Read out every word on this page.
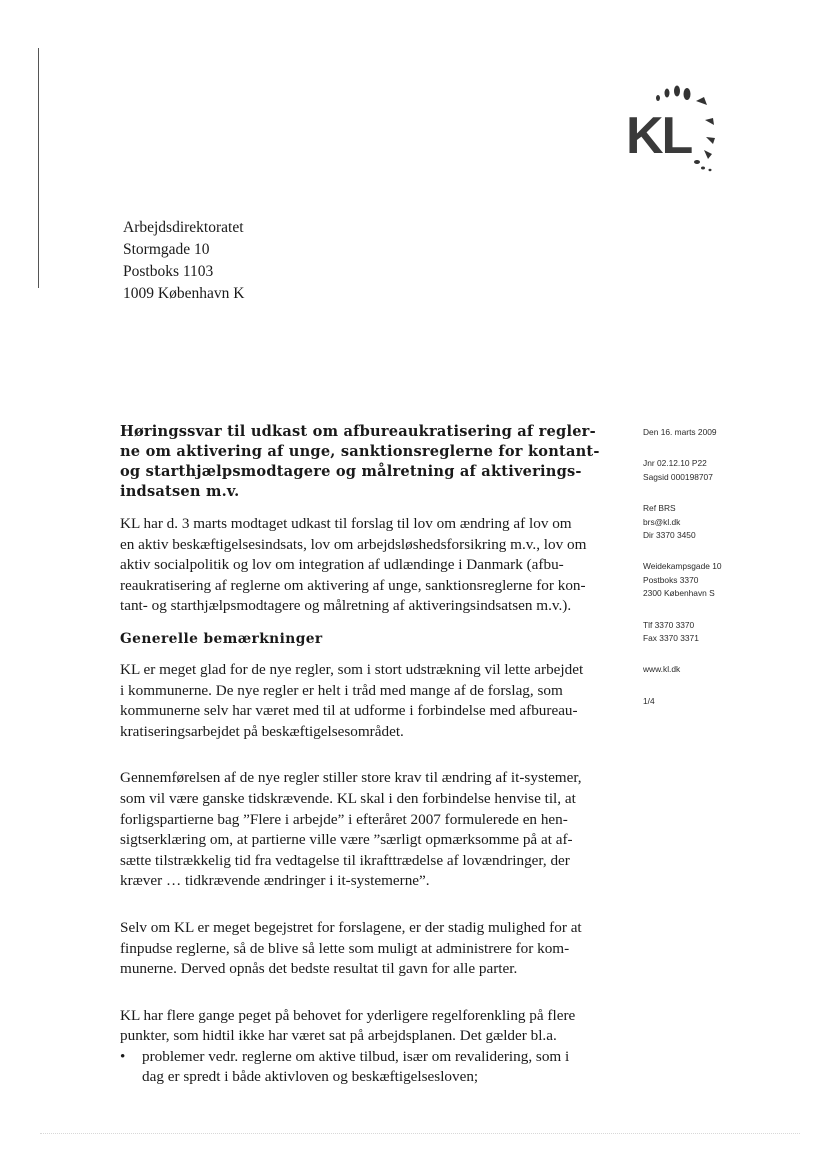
KL
Arbejdsdirektoratet
Stormgade 10
Postboks 1103
1009 København K
Høringssvar til udkast om afbureaukratisering af regler-
ne om aktivering af unge, sanktionsreglerne for kontant-
og starthjælpsmodtagere og målretning af aktiverings-
indsatsen m.v.
KL har d. 3 marts modtaget udkast til forslag til lov om ændring af lov om
en aktiv beskæftigelsesindsats, lov om arbejdsløshedsforsikring m.v., lov om
aktiv socialpolitik og lov om integration af udlændinge i Danmark (afbu-
reaukratisering af reglerne om aktivering af unge, sanktionsreglerne for kon-
tant- og starthjælpsmodtagere og målretning af aktiveringsindsatsen m.v.).
Generelle bemærkninger
KL er meget glad for de nye regler, som i stort udstrækning vil lette arbejdet
i kommunerne. De nye regler er helt i tråd med mange af de forslag, som
kommunerne selv har været med til at udforme i forbindelse med afbureau-
kratiseringsarbejdet på beskæftigelsesområdet.
Gennemførelsen af de nye regler stiller store krav til ændring af it-systemer,
som vil være ganske tidskrævende. KL skal i den forbindelse henvise til, at
forligspartierne bag ”Flere i arbejde” i efteråret 2007 formulerede en hen-
sigtserklæring om, at partierne ville være ”særligt opmærksomme på at af-
sætte tilstrækkelig tid fra vedtagelse til ikrafttrædelse af lovændringer, der
kræver … tidkrævende ændringer i it-systemerne”.
Selv om KL er meget begejstret for forslagene, er der stadig mulighed for at
finpudse reglerne, så de blive så lette som muligt at administrere for kom-
munerne. Derved opnås det bedste resultat til gavn for alle parter.
KL har flere gange peget på behovet for yderligere regelforenkling på flere
punkter, som hidtil ikke har været sat på arbejdsplanen. Det gælder bl.a.
•	problemer vedr. reglerne om aktive tilbud, især om revalidering, som i
dag er spredt i både aktivloven og beskæftigelsesloven;
Den 16. marts 2009
Jnr 02.12.10 P22
Sagsid 000198707
Ref BRS
brs@kl.dk
Dir 3370 3450
Weidekampsgade 10
Postboks 3370
2300 København S
Tlf 3370 3370
Fax 3370 3371
www.kl.dk
1/4
